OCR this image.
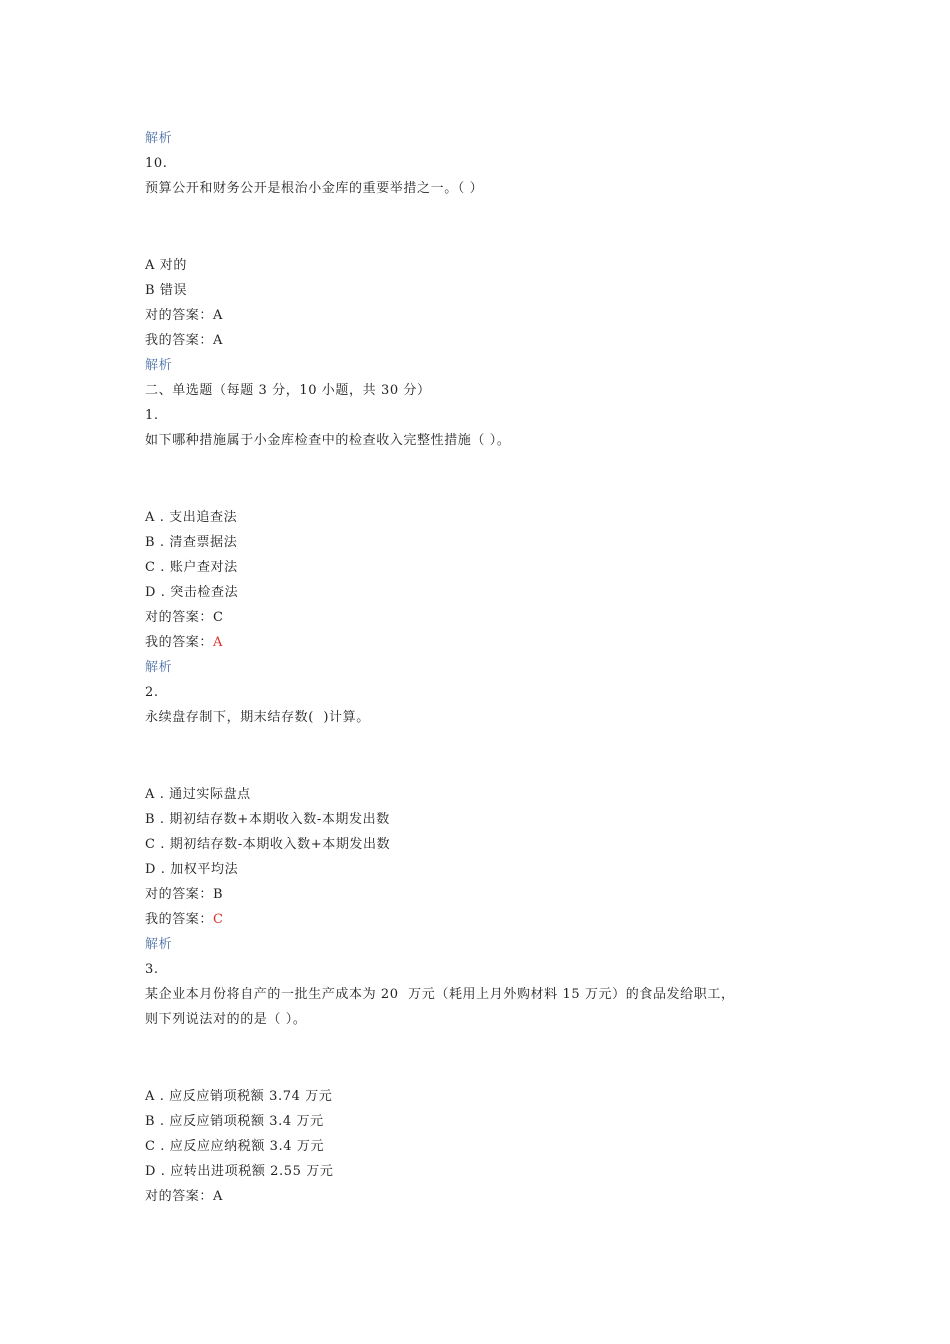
解析
10.
预算公开和财务公开是根治小金库的重要举措之一。（ ）
A 对的
B 错误
对的答案：A
我的答案：A
解析
二、单选题（每题 3 分，10 小题，共 30 分）
1.
如下哪种措施属于小金库检查中的检查收入完整性措施（ ）。
A . 支出追查法
B . 清查票据法
C . 账户查对法
D . 突击检查法
对的答案：C
我的答案：A
解析
2.
永续盘存制下，期末结存数(  )计算。
A . 通过实际盘点
B . 期初结存数+本期收入数-本期发出数
C . 期初结存数-本期收入数+本期发出数
D . 加权平均法
对的答案：B
我的答案：C
解析
3.
某企业本月份将自产的一批生产成本为 20  万元（耗用上月外购材料 15 万元）的食品发给职工，
则下列说法对的的是（ ）。
A . 应反应销项税额 3.74 万元
B . 应反应销项税额 3.4 万元
C . 应反应应纳税额 3.4 万元
D . 应转出进项税额 2.55 万元
对的答案：A
